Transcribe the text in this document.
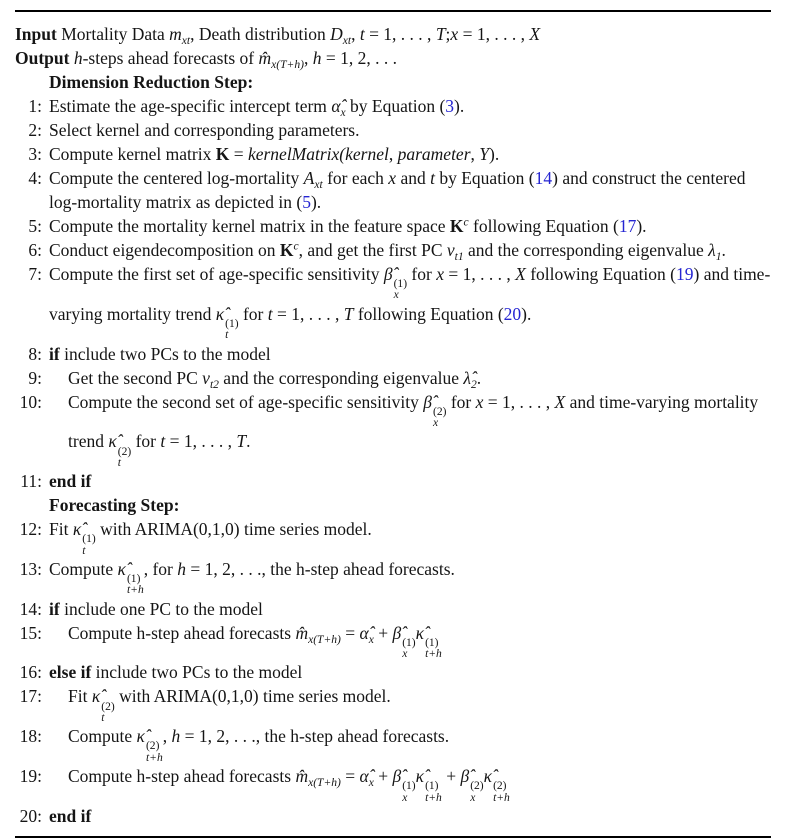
Input Mortality Data $m_{xt}$, Death distribution $D_{xt}$, t = 1, . . . , T;x = 1, . . . , X
Output h-steps ahead forecasts of $m̂_{x(T+h)}$, h = 1, 2, . . .
Dimension Reduction Step:
1: Estimate the age-specific intercept term $\alphâ_x$ by Equation (3).
2: Select kernel and corresponding parameters.
3: Compute kernel matrix K = kernelMatrix(kernel, parameter, Y).
4: Compute the centered log-mortality $A_{xt}$ for each x and t by Equation (14) and construct the centered log-mortality matrix as depicted in (5).
5: Compute the mortality kernel matrix in the feature space $K^c$ following Equation (17).
6: Conduct eigendecomposition on $K^c$, and get the first PC $v_{t1}$ and the corresponding eigenvalue $\lambda_1$.
7: Compute the first set of age-specific sensitivity β̂
(1)
x
for x = 1, . . . , X following Equation (19) and time-varying mortality trend κ̂
(1)
t
for t = 1, . . . , T following Equation (20).
8: if include two PCs to the model
9:	Get the second PC $v_{t2}$ and the corresponding eigenvalue $\lambdâ_2$.
10:	Compute the second set of age-specific sensitivity β̂
(2)
x
for x = 1, . . . , X and time-varying mortality trend κ̂
(2)
t
for t = 1, . . . , T.
11: end if
Forecasting Step:
12: Fit κ̂
(1)
t
with ARIMA(0,1,0) time series model.
13: Compute κ̂
(1)
t+h
, for h = 1, 2, . . ., the h-step ahead forecasts.
14: if include one PC to the model
15:	Compute h-step ahead forecasts $m̂_{x(T+h)}$ = $\alphâ_x$ + β̂
(1)
x
κ̂
(1)
t+h
16: else if include two PCs to the model
17:	Fit κ̂
(2)
t
with ARIMA(0,1,0) time series model.
18:	Compute κ̂
(2)
t+h
, h = 1, 2, . . ., the h-step ahead forecasts.
19:	Compute h-step ahead forecasts $m̂_{x(T+h)}$ = $\alphâ_x$ + β̂
(1)
x
κ̂
(1)
t+h
+ β̂
(2)
x
κ̂
(2)
t+h
20: end if
